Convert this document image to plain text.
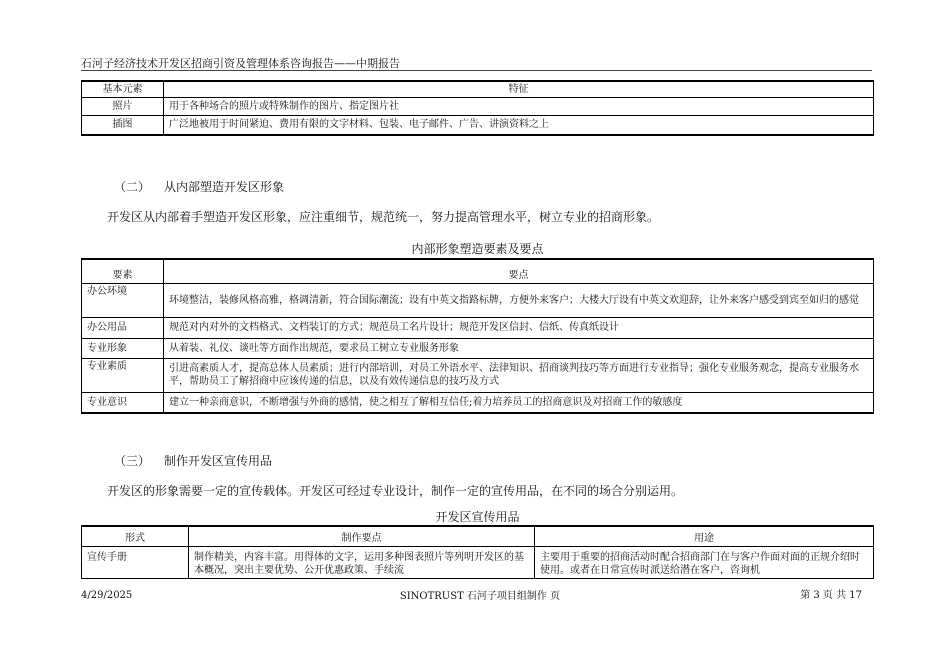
石河子经济技术开发区招商引资及管理体系咨询报告——中期报告
基本元素	特征
照片	用于各种场合的照片或特殊制作的图片、指定图片社
插图	广泛地被用于时间紧迫、费用有限的文字材料、包装、电子邮件、广告、讲演资料之上
（二） 从内部塑造开发区形象
开发区从内部着手塑造开发区形象，应注重细节，规范统一，努力提高管理水平，树立专业的招商形象。
内部形象塑造要素及要点
要素	要点
办公环境	环境整洁，装修风格高雅，格调清新，符合国际潮流；设有中英文指路标牌，方便外来客户；大楼大厅设有中英文欢迎辞，让外来客户感受到宾至如归的感觉
办公用品	规范对内对外的文档格式、文档装订的方式；规范员工名片设计；规范开发区信封、信纸、传真纸设计
专业形象	从着装、礼仪、谈吐等方面作出规范，要求员工树立专业服务形象
专业素质	引进高素质人才，提高总体人员素质；进行内部培训，对员工外语水平、法律知识、招商谈判技巧等方面进行专业指导；强化专业服务观念，提高专业服务水平，帮助员工了解招商中应该传递的信息，以及有效传递信息的技巧及方式
专业意识	建立一种亲商意识，不断增强与外商的感情，使之相互了解相互信任;着力培养员工的招商意识及对招商工作的敏感度
（三） 制作开发区宣传用品
开发区的形象需要一定的宣传载体。开发区可经过专业设计，制作一定的宣传用品，在不同的场合分别运用。
开发区宣传用品
形式	制作要点	用途
宣传手册	制作精美，内容丰富。用得体的文字，运用多种图表照片等列明开发区的基本概况，突出主要优势、公开优惠政策、手续流	主要用于重要的招商活动时配合招商部门在与客户作面对面的正规介绍时使用。或者在日常宣传时派送给潜在客户，咨询机
4/29/2025	SINOTRUST 石河子项目组制作 页	第 3 页 共 17
